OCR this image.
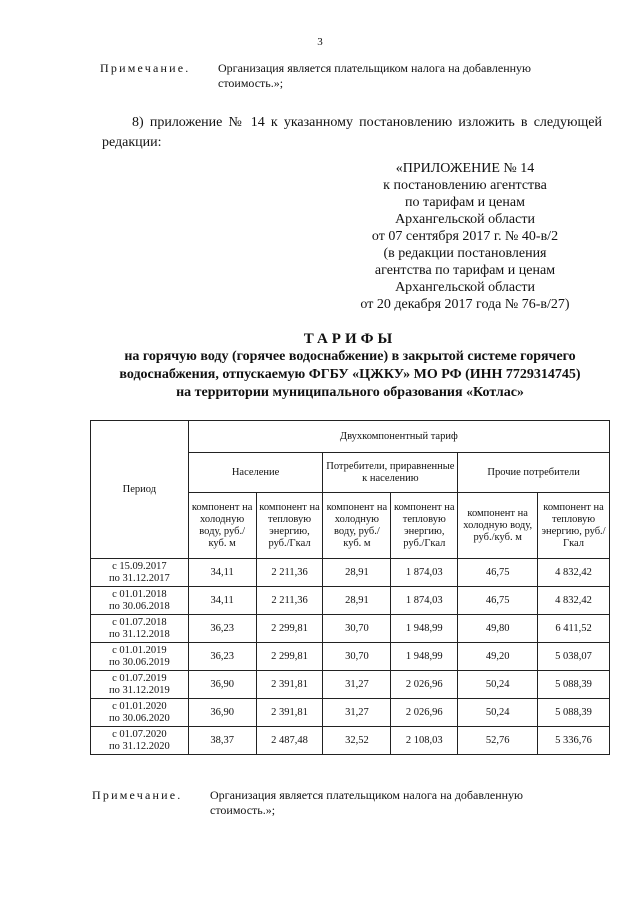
3
Примечание. Организация является плательщиком налога на добавленную
стоимость.»;
8) приложение № 14 к указанному постановлению изложить в следующей редакции:
«ПРИЛОЖЕНИЕ № 14
к постановлению агентства
по тарифам и ценам
Архангельской области
от 07 сентября 2017 г. № 40-в/2
(в редакции постановления
агентства по тарифам и ценам
Архангельской области
от 20 декабря 2017 года № 76-в/27)
ТАРИФЫ
на горячую воду (горячее водоснабжение) в закрытой системе горячего
водоснабжения, отпускаемую ФГБУ «ЦЖКУ» МО РФ (ИНН 7729314745)
на территории муниципального образования «Котлас»
Период	Двухкомпонентный тариф					
	Население		Потребители, приравненные к населению		Прочие потребители	
	компонент на холодную воду, руб./куб. м	компонент на тепловую энергию, руб./Гкал	компонент на холодную воду, руб./куб. м	компонент на тепловую энергию, руб./Гкал	компонент на холодную воду, руб./куб. м	компонент на тепловую энергию, руб./Гкал

с 15.09.2017
по 31.12.2017	34,11	2 211,36	28,91	1 874,03	46,75	4 832,42

с 01.01.2018
по 30.06.2018	34,11	2 211,36	28,91	1 874,03	46,75	4 832,42

с 01.07.2018
по 31.12.2018	36,23	2 299,81	30,70	1 948,99	49,80	6 411,52

с 01.01.2019
по 30.06.2019	36,23	2 299,81	30,70	1 948,99	49,20	5 038,07

с 01.07.2019
по 31.12.2019	36,90	2 391,81	31,27	2 026,96	50,24	5 088,39

с 01.01.2020
по 30.06.2020	36,90	2 391,81	31,27	2 026,96	50,24	5 088,39

с 01.07.2020
по 31.12.2020	38,37	2 487,48	32,52	2 108,03	52,76	5 336,76
Примечание. Организация является плательщиком налога на добавленную
стоимость.»;
